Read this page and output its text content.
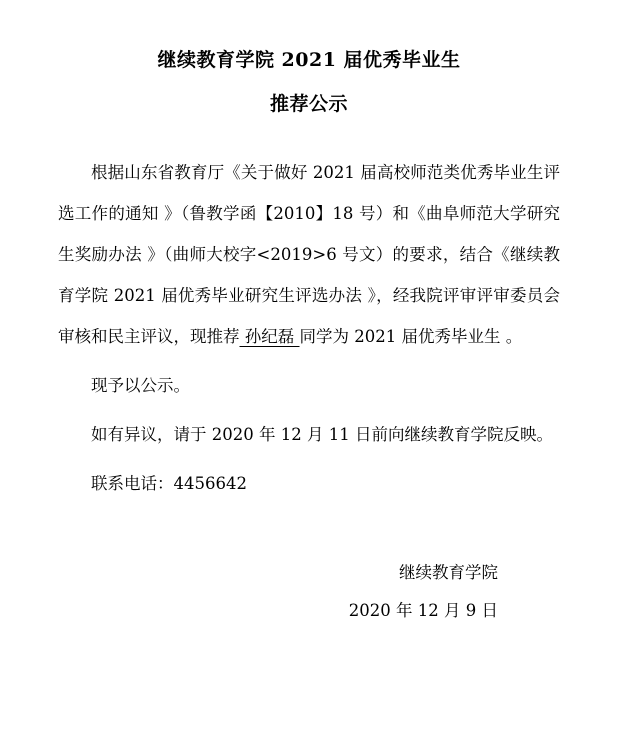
继续教育学院 2021 届优秀毕业生
推荐公示

根据山东省教育厅《关于做好 2021 届高校师范类优秀毕业生评选工作的通知 》（鲁教学函【2010】18 号）和《曲阜师范大学研究生奖励办法 》（曲师大校字<2019>6 号文）的要求，结合《继续教育学院 2021 届优秀毕业研究生评选办法 》，经我院评审评审委员会审核和民主评议，现推荐 孙纪磊 同学为 2021 届优秀毕业生 。

现予以公示。

如有异议，请于 2020 年 12 月 11 日前向继续教育学院反映。

联系电话：4456642

继续教育学院
2020 年 12 月 9 日
